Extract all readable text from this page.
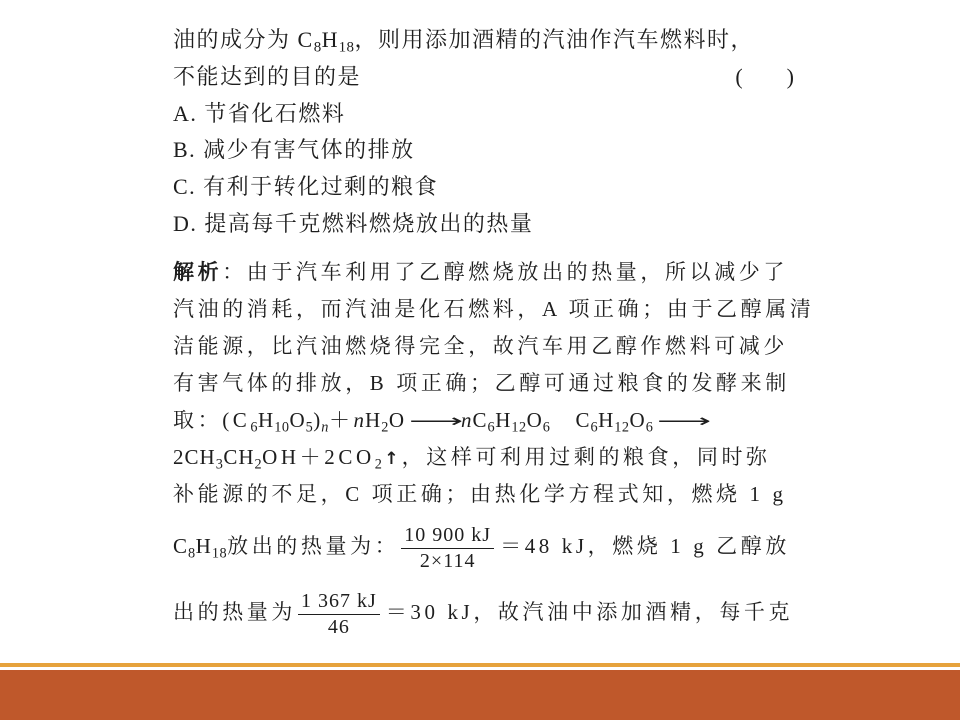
油的成分为 $C_8H_{18}$，则用添加酒精的汽油作汽车燃料时，
不能达到的目的是	(　　)
A. 节省化石燃料
B. 减少有害气体的排放
C. 有利于转化过剩的粮食
D. 提高每千克燃料燃烧放出的热量
解析：由于汽车利用了乙醇燃烧放出的热量，所以减少了
汽油的消耗，而汽油是化石燃料，A 项正确；由于乙醇属清
洁能源，比汽油燃烧得完全，故汽车用乙醇作燃料可减少
有害气体的排放，B 项正确；乙醇可通过粮食的发酵来制
取：$(C_6H_{10}O_5)_n+nH_2O$ $⟶nC_6H_{12}O_6$    $C_6H_{12}O_6$ ⟶
$2CH_3CH_2OH+2CO_2$ ↑ ，这样可利用过剩的粮食，同时弥
补能源的不足，C 项正确；由热化学方程式知，燃烧 1 g
$C_8H_{18}$放出的热量为： $\frac{10 900 kJ}{2\times 114} =48$ kJ，燃烧 1 g 乙醇放
出的热量为 $\frac{1 367 kJ}{46} =30$ kJ，故汽油中添加酒精，每千克
